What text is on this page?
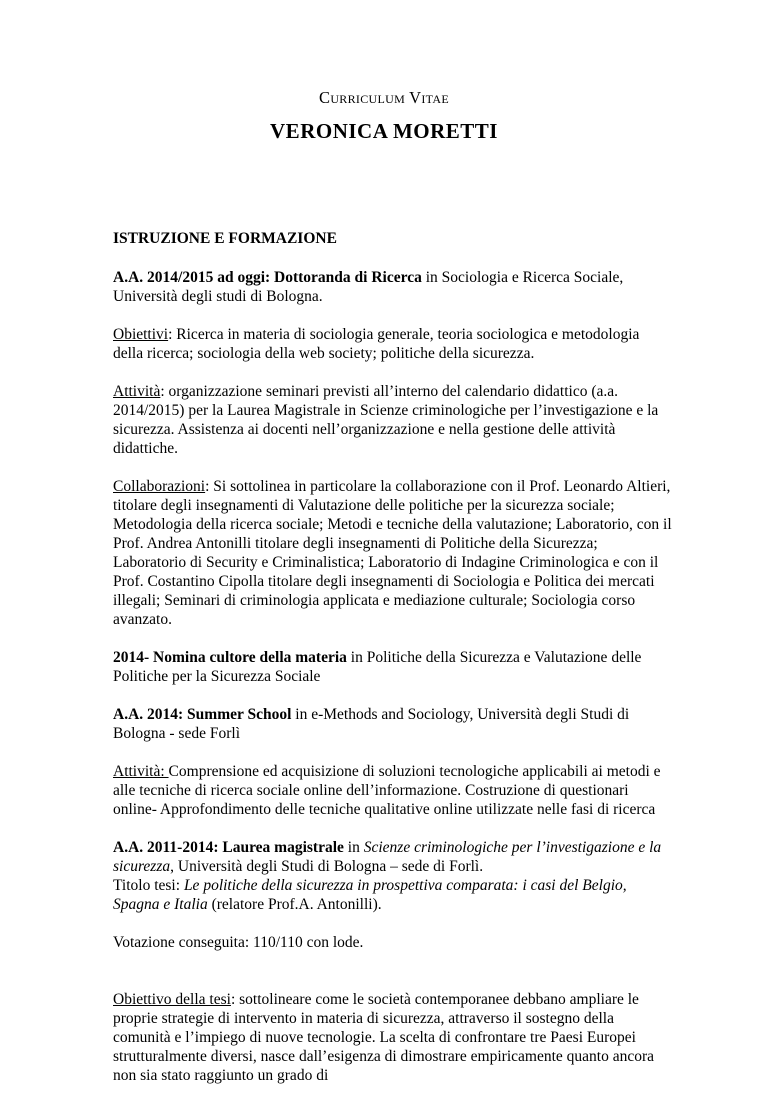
Curriculum Vitae
VERONICA MORETTI
ISTRUZIONE E FORMAZIONE

A.A. 2014/2015 ad oggi: Dottoranda di Ricerca in Sociologia e Ricerca Sociale, Università degli studi di Bologna.

Obiettivi: Ricerca in materia di sociologia generale, teoria sociologica e metodologia della ricerca; sociologia della web society; politiche della sicurezza.

Attività: organizzazione seminari previsti all’interno del calendario didattico (a.a. 2014/2015) per la Laurea Magistrale in Scienze criminologiche per l’investigazione e la sicurezza. Assistenza ai docenti nell’organizzazione e nella gestione delle attività didattiche.

Collaborazioni: Si sottolinea in particolare la collaborazione con il Prof. Leonardo Altieri, titolare degli insegnamenti di Valutazione delle politiche per la sicurezza sociale; Metodologia della ricerca sociale; Metodi e tecniche della valutazione; Laboratorio, con il Prof. Andrea Antonilli titolare degli insegnamenti di Politiche della Sicurezza; Laboratorio di Security e Criminalistica; Laboratorio di Indagine Criminologica e con il Prof. Costantino Cipolla titolare degli insegnamenti di Sociologia e Politica dei mercati illegali; Seminari di criminologia applicata e mediazione culturale; Sociologia corso avanzato.

2014- Nomina cultore della materia in Politiche della Sicurezza e Valutazione delle Politiche per la Sicurezza Sociale

A.A. 2014: Summer School in e-Methods and Sociology, Università degli Studi di Bologna - sede Forlì

Attività: Comprensione ed acquisizione di soluzioni tecnologiche applicabili ai metodi e alle tecniche di ricerca sociale online dell’informazione. Costruzione di questionari online- Approfondimento delle tecniche qualitative online utilizzate nelle fasi di ricerca

A.A. 2011-2014: Laurea magistrale in Scienze criminologiche per l’investigazione e la sicurezza, Università degli Studi di Bologna – sede di Forlì.
Titolo tesi: Le politiche della sicurezza in prospettiva comparata: i casi del Belgio, Spagna e Italia (relatore Prof.A. Antonilli).

Votazione conseguita: 110/110 con lode.

Obiettivo della tesi: sottolineare come le società contemporanee debbano ampliare le proprie strategie di intervento in materia di sicurezza, attraverso il sostegno della comunità e l’impiego di nuove tecnologie. La scelta di confrontare tre Paesi Europei strutturalmente diversi, nasce dall’esigenza di dimostrare empiricamente quanto ancora non sia stato raggiunto un grado di
